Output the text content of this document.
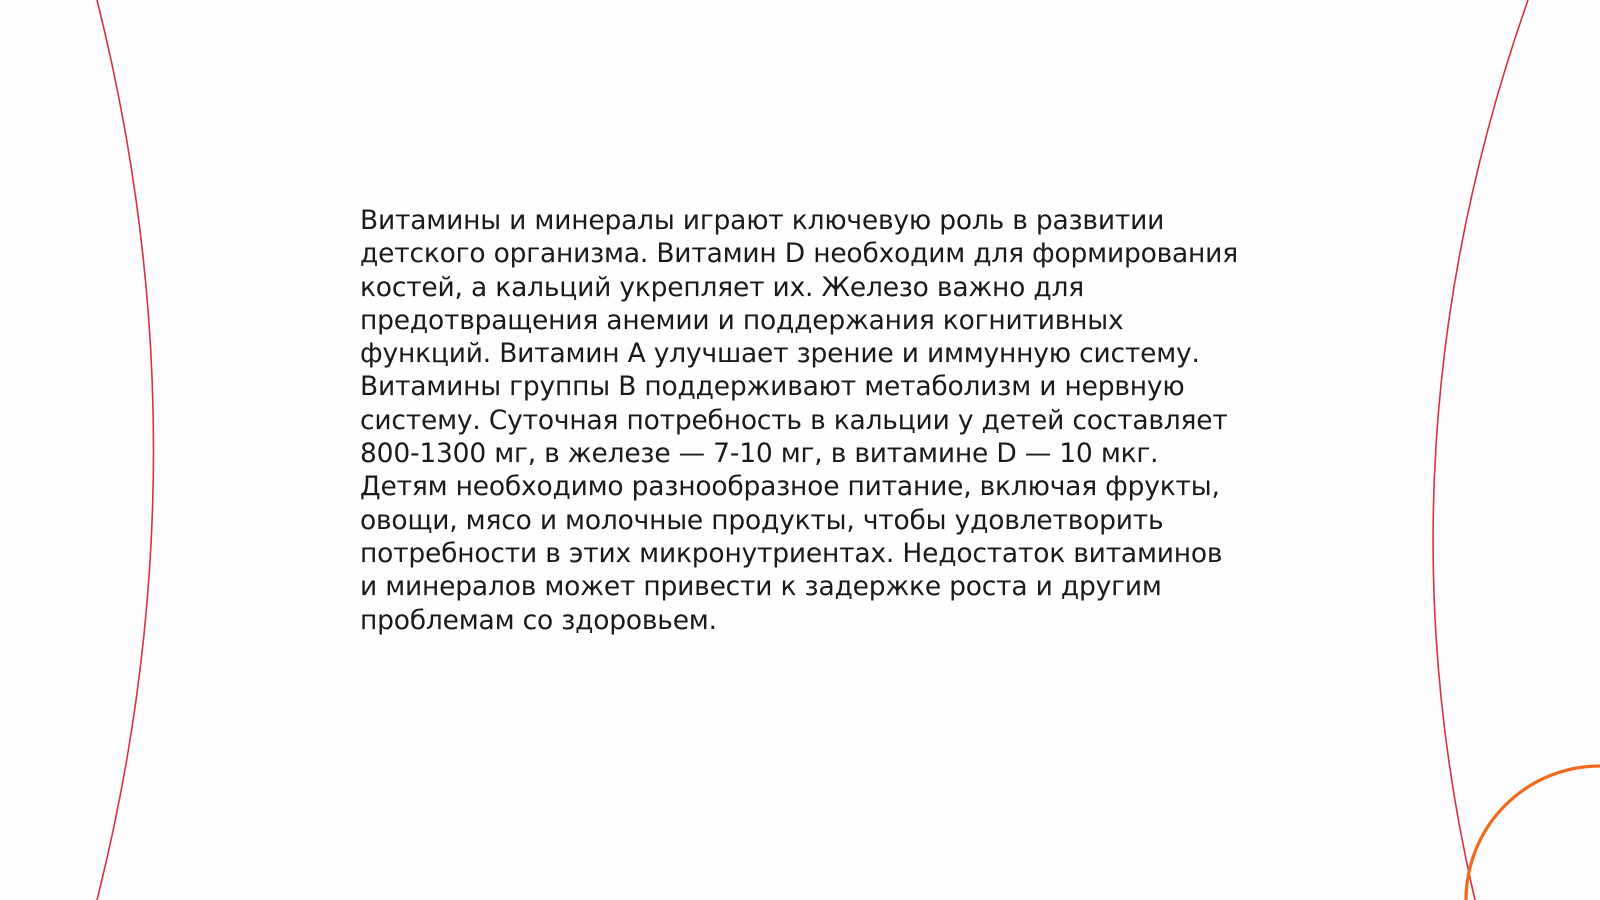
Витамины и минералы играют ключевую роль в развитии детского организма. Витамин D необходим для формирования костей, а кальций укрепляет их. Железо важно для предотвращения анемии и поддержания когнитивных функций. Витамин A улучшает зрение и иммунную систему. Витамины группы B поддерживают метаболизм и нервную систему. Суточная потребность в кальции у детей составляет 800-1300 мг, в железе — 7-10 мг, в витамине D — 10 мкг. Детям необходимо разнообразное питание, включая фрукты, овощи, мясо и молочные продукты, чтобы удовлетворить потребности в этих микронутриентах. Недостаток витаминов и минералов может привести к задержке роста и другим проблемам со здоровьем.
